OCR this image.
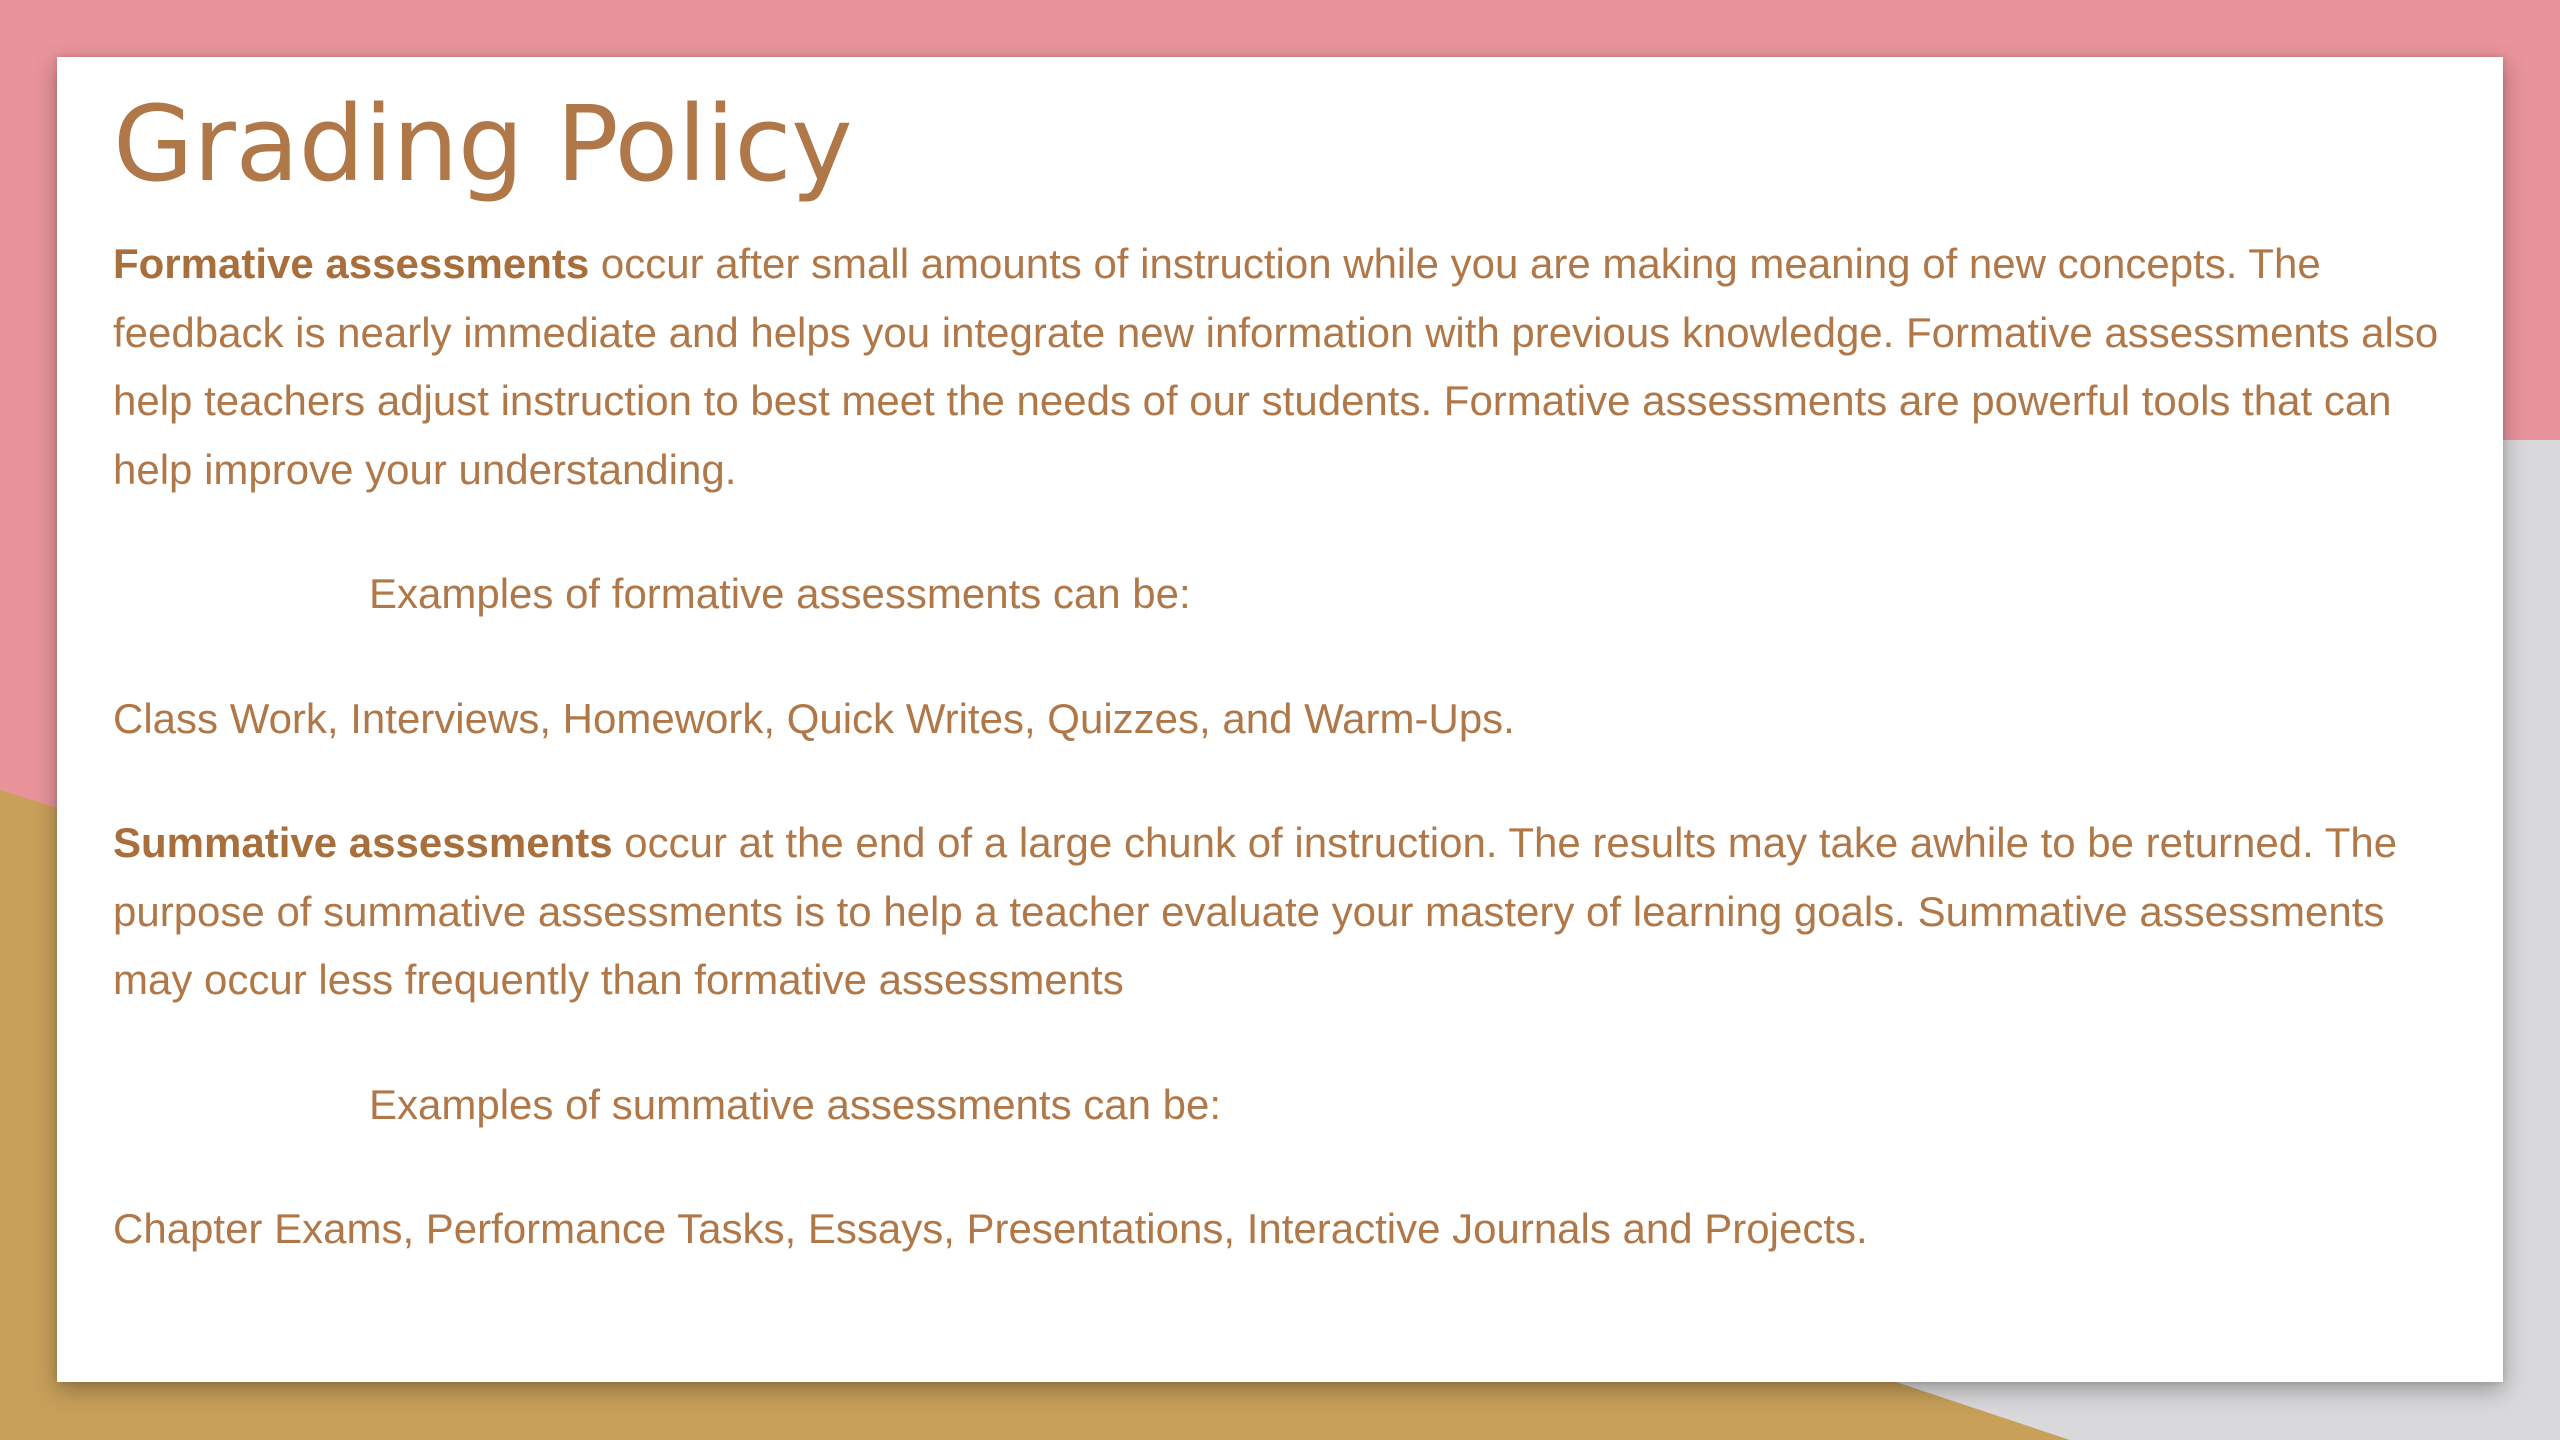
Grading Policy

Formative assessments occur after small amounts of instruction while you are making meaning of new concepts. The feedback is nearly immediate and helps you integrate new information with previous knowledge. Formative assessments also help teachers adjust instruction to best meet the needs of our students. Formative assessments are powerful tools that can help improve your understanding.

Examples of formative assessments can be:

Class Work, Interviews, Homework, Quick Writes, Quizzes, and Warm-Ups.

Summative assessments occur at the end of a large chunk of instruction. The results may take awhile to be returned. The purpose of summative assessments is to help a teacher evaluate your mastery of learning goals. Summative assessments may occur less frequently than formative assessments

Examples of summative assessments can be:

Chapter Exams, Performance Tasks, Essays, Presentations, Interactive Journals and Projects.
